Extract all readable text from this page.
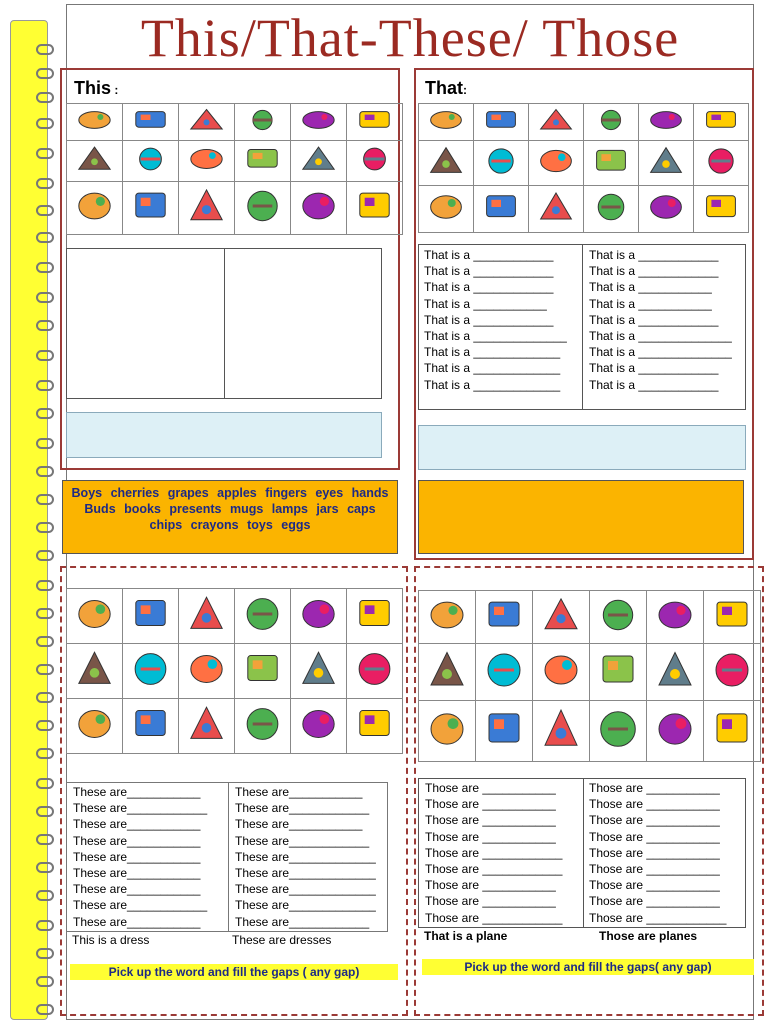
This/That-These/ Those
This :

						That:

That is a ____________
That is a ____________
That is a ____________
That is a ___________
That is a ____________
That is a ______________
That is a _____________
That is a _____________
That is a _____________
That is a ____________
That is a ____________
That is a ___________
That is a ___________
That is a ____________
That is a ______________
That is a ______________
That is a ____________
That is a ____________
Boys cherries grapes apples fingers eyes hands
Buds books presents mugs lamps jars caps
chips crayons toys eggs

These are___________
These are____________
These are___________
These are___________
These are___________
These are___________
These are___________
These are____________
These are___________
These are___________
These are____________
These are___________
These are____________
These are_____________
These are_____________
These are_____________
These are_____________
These are____________
This is a dress	These are dresses
Pick up the word and fill the gaps ( any gap)

Those are ___________
Those are ___________
Those are ___________
Those are ___________
Those are ____________
Those are ____________
Those are ___________
Those are ___________
Those are ____________
Those are ___________
Those are ___________
Those are ___________
Those are ___________
Those are ___________
Those are ___________
Those are ___________
Those are ___________
Those are ____________
That is a plane	Those are planes
Pick up the word and fill the gaps( any gap)
